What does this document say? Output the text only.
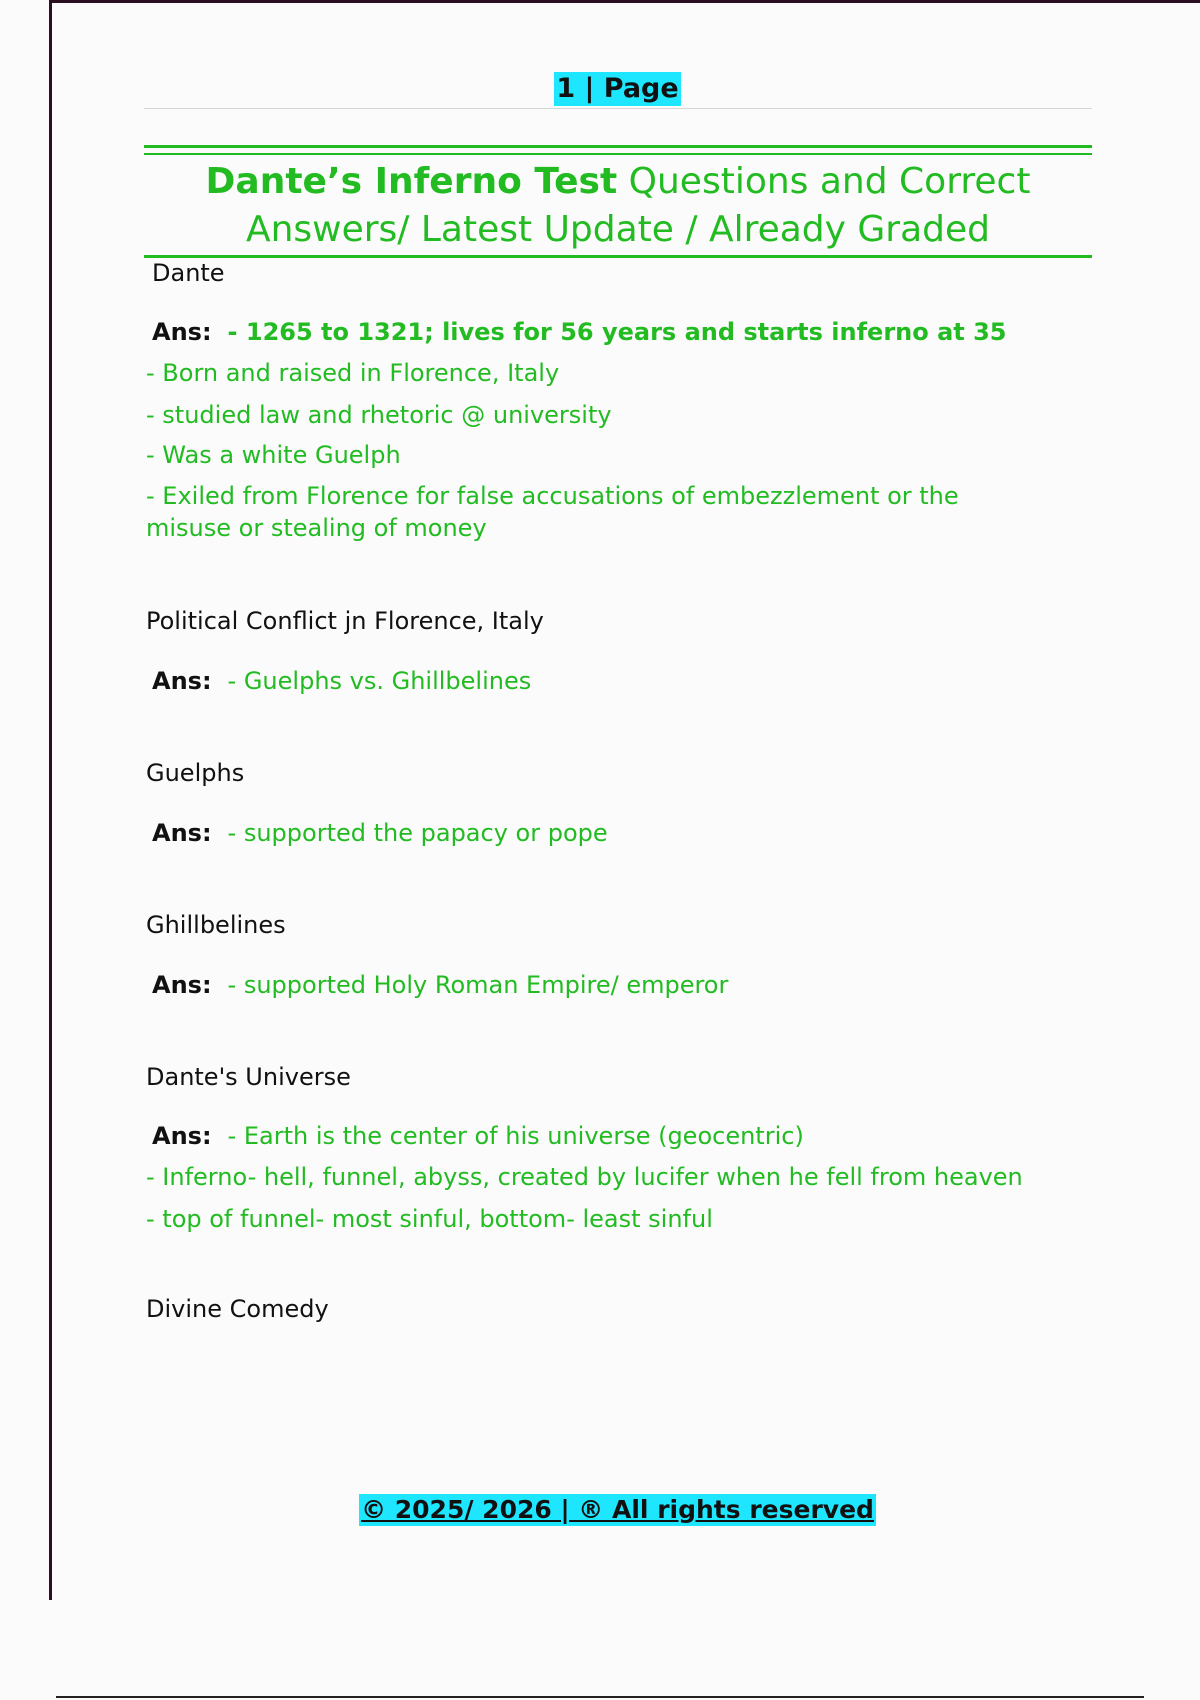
1 | Page
Dante’s Inferno Test Questions and Correct Answers/ Latest Update / Already Graded
Dante
Ans: - 1265 to 1321; lives for 56 years and starts inferno at 35
- Born and raised in Florence, Italy
- studied law and rhetoric @ university
- Was a white Guelph
- Exiled from Florence for false accusations of embezzlement or the misuse or stealing of money
Political Conflict jn Florence, Italy
Ans: - Guelphs vs. Ghillbelines
Guelphs
Ans: - supported the papacy or pope
Ghillbelines
Ans: - supported Holy Roman Empire/ emperor
Dante's Universe
Ans: - Earth is the center of his universe (geocentric)
- Inferno- hell, funnel, abyss, created by lucifer when he fell from heaven
- top of funnel- most sinful, bottom- least sinful
Divine Comedy
© 2025/ 2026 | ® All rights reserved
